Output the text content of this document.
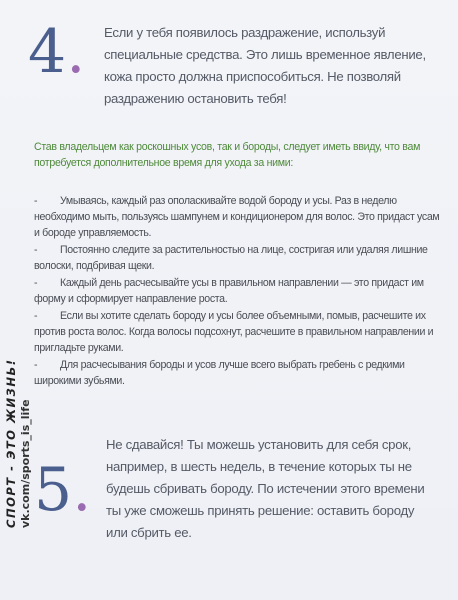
4. Если у тебя появилось раздражение, используй специальные средства. Это лишь временное явление, кожа просто должна приспособиться. Не позволяй раздражению остановить тебя!
Став владельцем как роскошных усов, так и бороды, следует иметь ввиду, что вам потребуется дополнительное время для ухода за ними:
- Умываясь, каждый раз ополаскивайте водой бороду и усы. Раз в неделю необходимо мыть, пользуясь шампунем и кондиционером для волос. Это придаст усам и бороде управляемость.
- Постоянно следите за растительностью на лице, состригая или удаляя лишние волоски, подбривая щеки.
- Каждый день расчесывайте усы в правильном направлении — это придаст им форму и сформирует направление роста.
- Если вы хотите сделать бороду и усы более объемными, помыв, расчешите их против роста волос. Когда волосы подсохнут, расчешите в правильном направлении и пригладьте руками.
- Для расчесывания бороды и усов лучше всего выбрать гребень с редкими широкими зубьями.
5.
Не сдавайся! Ты можешь установить для себя срок, например, в шесть недель, в течение которых ты не будешь сбривать бороду. По истечении этого времени ты уже сможешь принять решение: оставить бороду или сбрить ее.
СПОРТ - ЭТО ЖИЗНЬ! vk.com/sports_is_life
